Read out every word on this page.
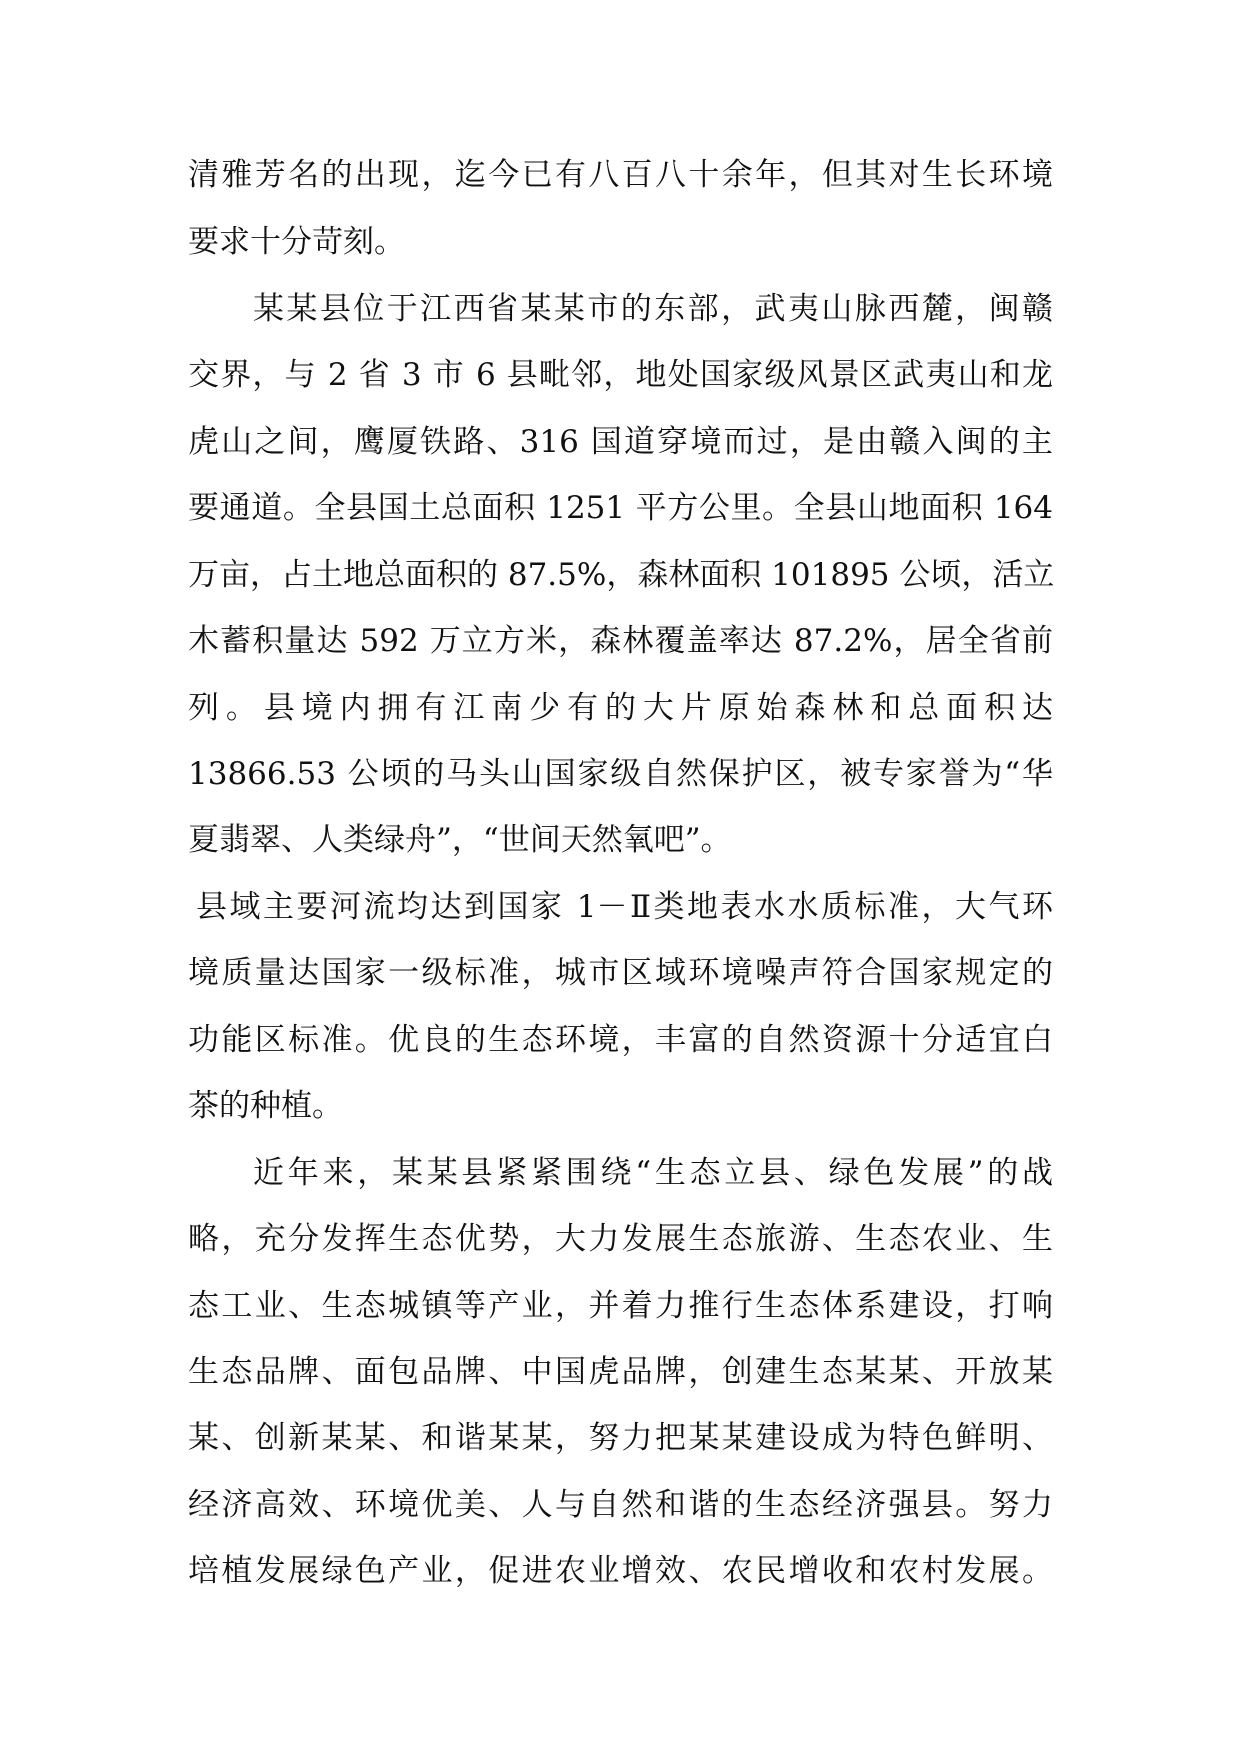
清雅芳名的出现，迄今已有八百八十余年，但其对生长环境
要求十分苛刻。
某某县位于江西省某某市的东部，武夷山脉西麓，闽赣
交界，与 2 省 3 市 6 县毗邻，地处国家级风景区武夷山和龙
虎山之间，鹰厦铁路、316 国道穿境而过，是由赣入闽的主
要通道。全县国土总面积 1251 平方公里。全县山地面积 164
万亩，占土地总面积的 87.5%，森林面积 101895 公顷，活立
木蓄积量达 592 万立方米，森林覆盖率达 87.2%，居全省前
列。县境内拥有江南少有的大片原始森林和总面积达
13866.53 公顷的马头山国家级自然保护区，被专家誉为“华
夏翡翠、人类绿舟”，“世间天然氧吧”。
县域主要河流均达到国家 1－Ⅱ类地表水水质标准，大气环
境质量达国家一级标准，城市区域环境噪声符合国家规定的
功能区标准。优良的生态环境，丰富的自然资源十分适宜白
茶的种植。
近年来，某某县紧紧围绕“生态立县、绿色发展”的战
略，充分发挥生态优势，大力发展生态旅游、生态农业、生
态工业、生态城镇等产业，并着力推行生态体系建设，打响
生态品牌、面包品牌、中国虎品牌，创建生态某某、开放某
某、创新某某、和谐某某，努力把某某建设成为特色鲜明、
经济高效、环境优美、人与自然和谐的生态经济强县。努力
培植发展绿色产业，促进农业增效、农民增收和农村发展。
